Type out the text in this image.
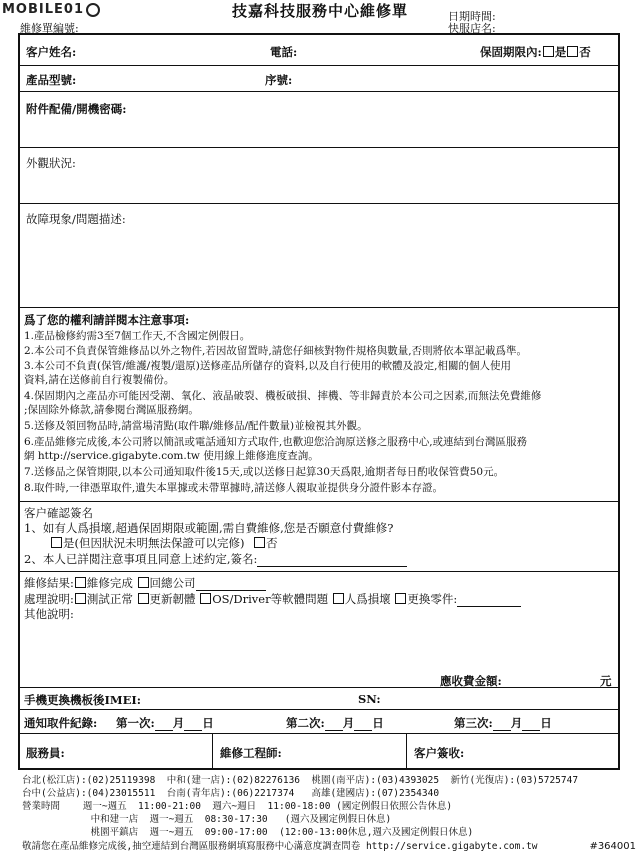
MOBILE01	技嘉科技服務中心維修單	日期時間:
快服店名:
維修單編號:
客户姓名:	電話:	保固期限內: 是 否
產品型號:	序號:
附件配備/開機密碼:
外觀狀況:
故障現象/問題描述:
爲了您的權利請詳閱本注意事項:
1.產品檢修約需3至7個工作天,不含國定例假日。
2.本公司不負責保管維修品以外之物件,若因故留置時,請您仔細核對物件規格與數量,否則將依本單記載爲準。
3.本公司不負責(保管/維護/複製/還原)送修產品所儲存的資料,以及自行使用的軟體及設定,相關的個人使用
資料,請在送修前自行複製備份。
4.保固期內之產品亦可能因受潮、氧化、液晶破裂、機板破損、摔機、等非歸責於本公司之因素,而無法免費維修
;保固除外條款,請參閱台灣區服務網。
5.送修及領回物品時,請當場清點(取件聯/維修品/配件數量)並檢視其外觀。
6.產品維修完成後,本公司將以簡訊或電話通知方式取件,也歡迎您洽詢原送修之服務中心,或連結到台灣區服務
網 http://service.gigabyte.com.tw 使用線上維修進度查詢。
7.送修品之保管期限,以本公司通知取件後15天,或以送修日起算30天爲限,逾期者每日酌收保管費50元。
8.取件時,一律憑單取件,遺失本單據或未帶單據時,請送修人親取並提供身分證件影本存證。
客户確認簽名
1、如有人爲損壞,超過保固期限或範圍,需自費維修,您是否願意付費維修?
是(但因狀況未明無法保證可以完修) 否
2、本人已詳閲注意事項且同意上述約定,簽名:
維修結果: 維修完成 回總公司
處理說明: 測試正常 更新韌體 OS/Driver等軟體問題 人爲損壞 更換零件:
其他說明:
應收費金額:	元
手機更換機板後IMEI:	SN:
通知取件紀錄: 第一次: 月 日	第二次: 月 日	第三次: 月 日
服務員:	維修工程師:	客户簽收:
台北(松江店):(02)25119398  中和(建一店):(02)82276136  桃園(南平店):(03)4393025  新竹(光復店):(03)5725747
台中(公益店):(04)23015511  台南(青年店):(06)2217374   高雄(建國店):(07)2354340
營業時間    週一~週五  11:00-21:00  週六~週日  11:00-18:00 (國定例假日依照公告休息)
中和建一店  週一~週五  08:30-17:30   (週六及國定例假日休息)
桃園平鎮店  週一~週五  09:00-17:00  (12:00-13:00休息,週六及國定例假日休息)
敬請您在產品維修完成後,抽空連結到台灣區服務網填寫服務中心滿意度調查問卷 http://service.gigabyte.com.tw	#364001
